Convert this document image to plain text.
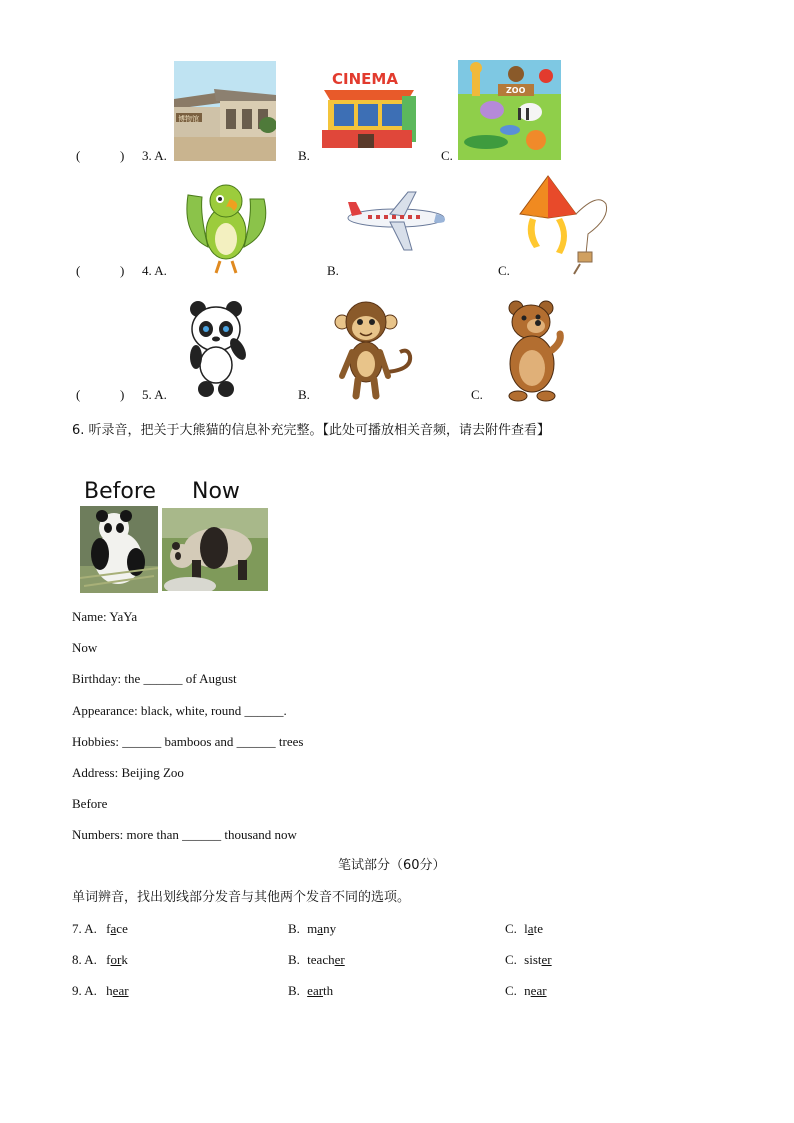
(	) 3. A.
博物馆
B.
CINEMA
C.
ZOO
(	) 4. A.	B.	C.
(	) 5. A.	B.	C.
6. 听录音，把关于大熊猫的信息补充完整。【此处可播放相关音频，请去附件查看】
Before Now
Name: YaYa
Now
Birthday: the ______ of August
Appearance: black, white, round ______.
Hobbies: ______ bamboos and ______ trees
Address: Beijing Zoo
Before
Numbers: more than ______ thousand now
笔试部分（60分）
单词辨音，找出划线部分发音与其他两个发音不同的选项。
7. A. face	B. many	C. late
8. A. fork	B. teacher	C. sister
9. A. hear	B. earth	C. near
